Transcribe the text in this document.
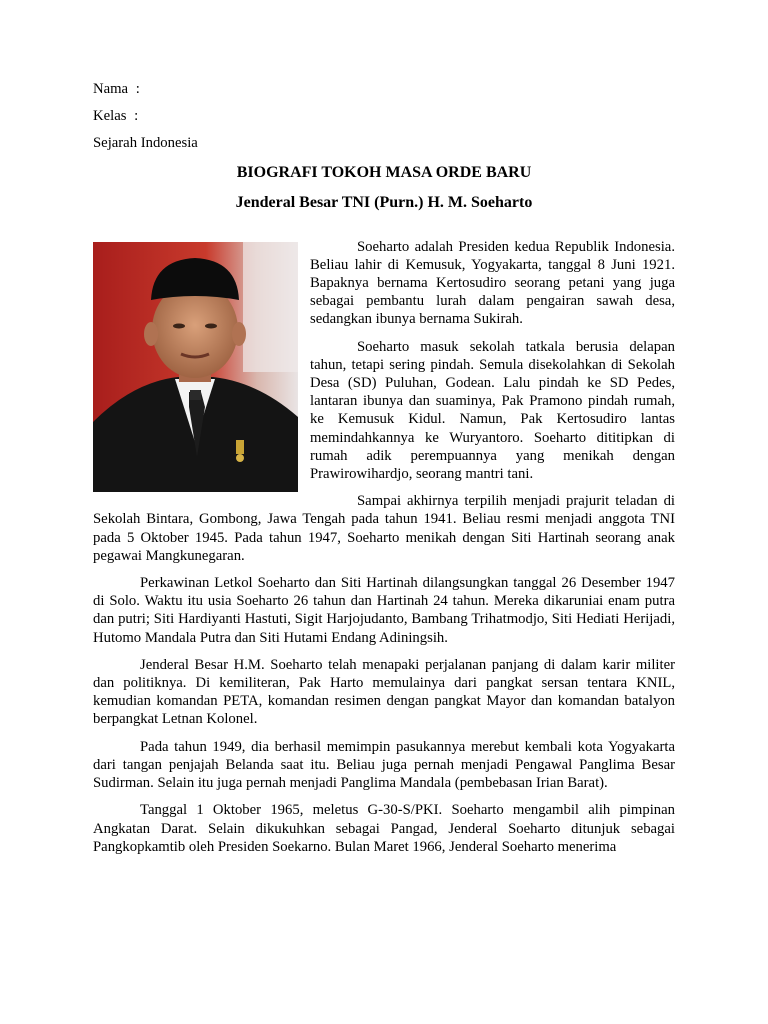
Nama :
Kelas :
Sejarah Indonesia
BIOGRAFI TOKOH MASA ORDE BARU
Jenderal Besar TNI (Purn.) H. M. Soeharto

Soeharto adalah Presiden kedua Republik Indonesia. Beliau lahir di Kemusuk, Yogyakarta, tanggal 8 Juni 1921. Bapaknya bernama Kertosudiro seorang petani yang juga sebagai pembantu lurah dalam pengairan sawah desa, sedangkan ibunya bernama Sukirah.

Soeharto masuk sekolah tatkala berusia delapan tahun, tetapi sering pindah. Semula disekolahkan di Sekolah Desa (SD) Puluhan, Godean. Lalu pindah ke SD Pedes, lantaran ibunya dan suaminya, Pak Pramono pindah rumah, ke Kemusuk Kidul. Namun, Pak Kertosudiro lantas memindahkannya ke Wuryantoro. Soeharto dititipkan di rumah adik perempuannya yang menikah dengan Prawirowihardjo, seorang mantri tani.

Sampai akhirnya terpilih menjadi prajurit teladan di Sekolah Bintara, Gombong, Jawa Tengah pada tahun 1941. Beliau resmi menjadi anggota TNI pada 5 Oktober 1945. Pada tahun 1947, Soeharto menikah dengan Siti Hartinah seorang anak pegawai Mangkunegaran.

Perkawinan Letkol Soeharto dan Siti Hartinah dilangsungkan tanggal 26 Desember 1947 di Solo. Waktu itu usia Soeharto 26 tahun dan Hartinah 24 tahun. Mereka dikaruniai enam putra dan putri; Siti Hardiyanti Hastuti, Sigit Harjojudanto, Bambang Trihatmodjo, Siti Hediati Herijadi, Hutomo Mandala Putra dan Siti Hutami Endang Adiningsih.

Jenderal Besar H.M. Soeharto telah menapaki perjalanan panjang di dalam karir militer dan politiknya. Di kemiliteran, Pak Harto memulainya dari pangkat sersan tentara KNIL, kemudian komandan PETA, komandan resimen dengan pangkat Mayor dan komandan batalyon berpangkat Letnan Kolonel.

Pada tahun 1949, dia berhasil memimpin pasukannya merebut kembali kota Yogyakarta dari tangan penjajah Belanda saat itu. Beliau juga pernah menjadi Pengawal Panglima Besar Sudirman. Selain itu juga pernah menjadi Panglima Mandala (pembebasan Irian Barat).

Tanggal 1 Oktober 1965, meletus G-30-S/PKI. Soeharto mengambil alih pimpinan Angkatan Darat. Selain dikukuhkan sebagai Pangad, Jenderal Soeharto ditunjuk sebagai Pangkopkamtib oleh Presiden Soekarno. Bulan Maret 1966, Jenderal Soeharto menerima
